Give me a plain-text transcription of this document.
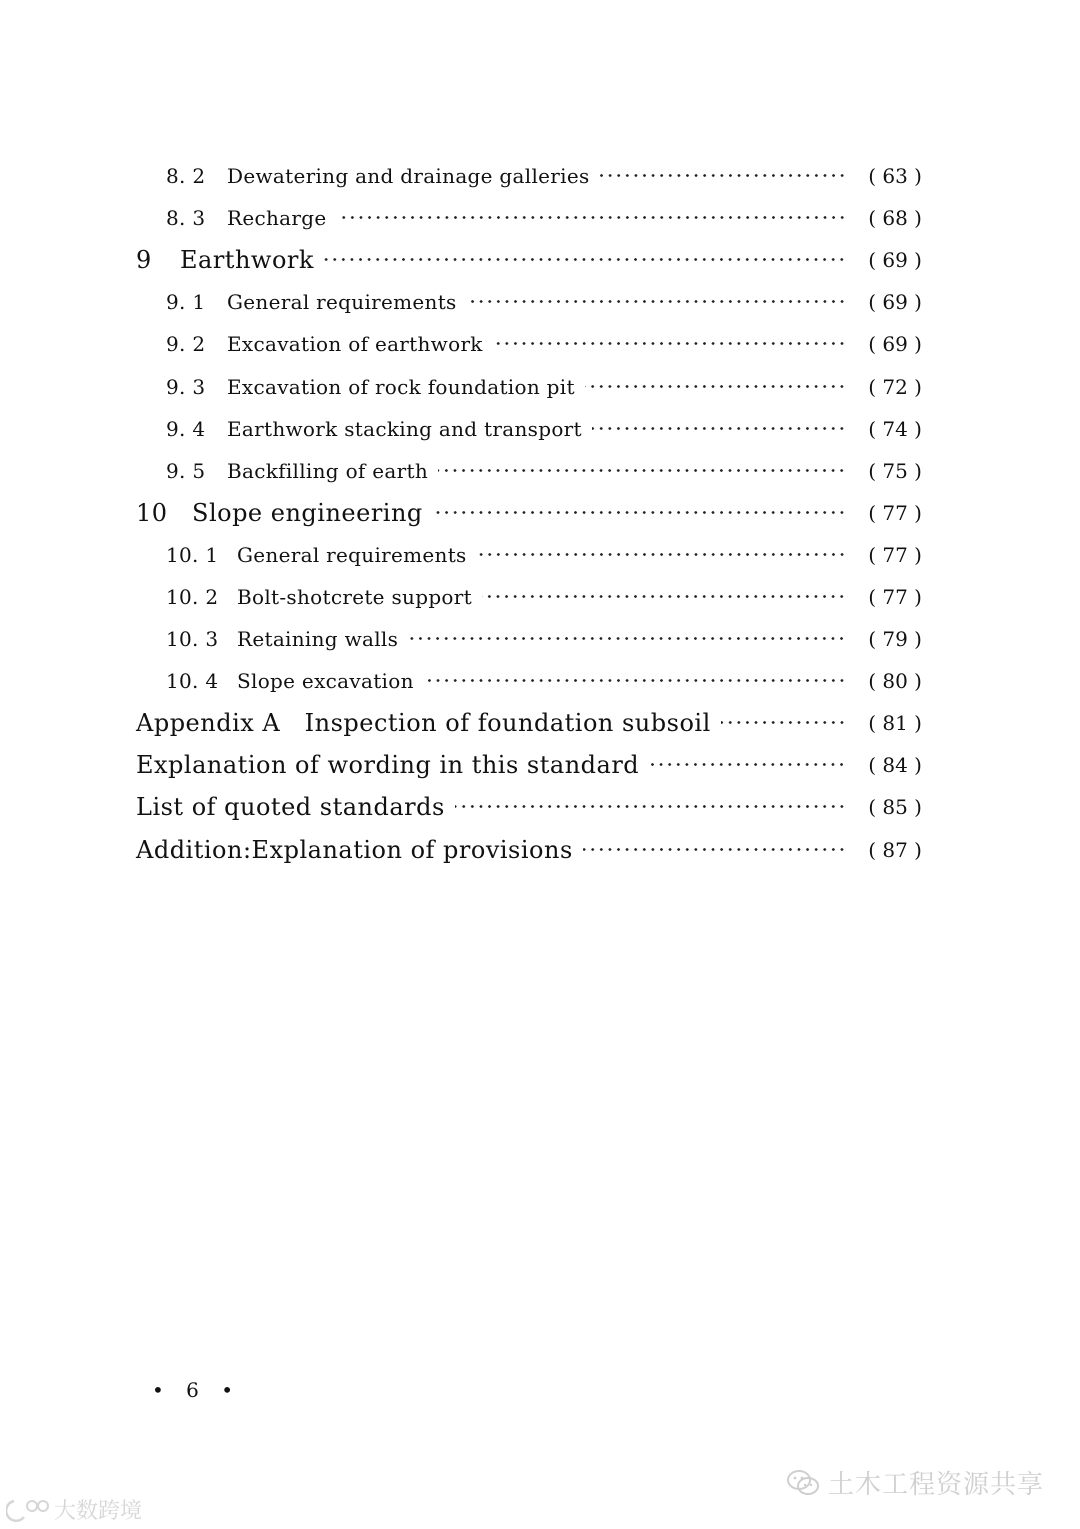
8. 2	Dewatering and drainage galleries	( 63 )
8. 3	Recharge	( 68 )
9	Earthwork	( 69 )
9. 1	General requirements	( 69 )
9. 2	Excavation of earthwork	( 69 )
9. 3	Excavation of rock foundation pit	( 72 )
9. 4	Earthwork stacking and transport	( 74 )
9. 5	Backfilling of earth	( 75 )
10	Slope engineering	( 77 )
10. 1 General requirements	( 77 )
10. 2 Bolt-shotcrete support	( 77 )
10. 3 Retaining walls	( 79 )
10. 4 Slope excavation	( 80 )
Appendix A   Inspection of foundation subsoil	( 81 )
Explanation of wording in this standard	( 84 )
List of quoted standards	( 85 )
Addition:Explanation of provisions	( 87 )
• 6 •
土木工程资源共享
大数跨境
